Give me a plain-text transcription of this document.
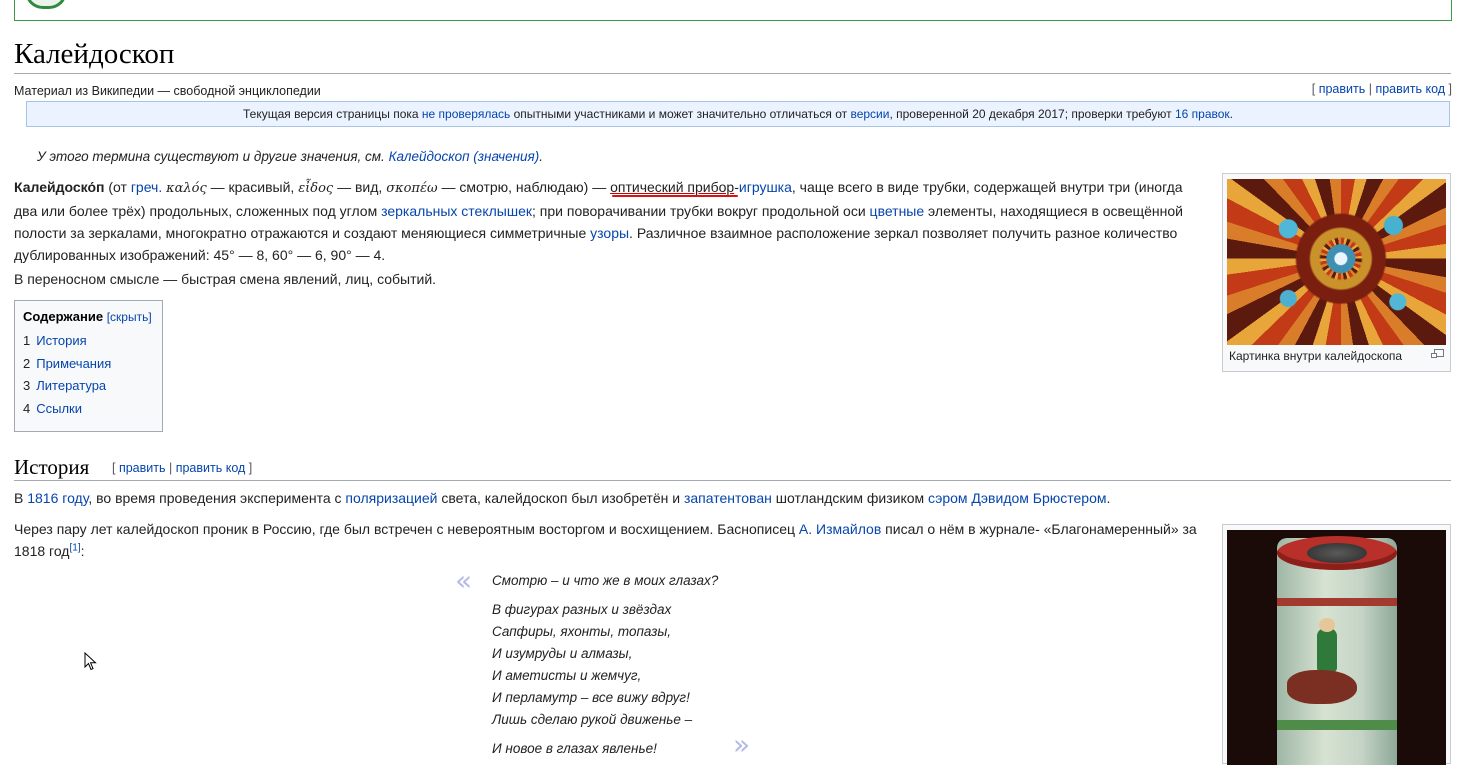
Калейдоскоп
Материал из Википедии — свободной энциклопедии	[ править | править код ]
Текущая версия страницы пока не проверялась опытными участниками и может значительно отличаться от версии, проверенной 20 декабря 2017; проверки требуют 16 правок.
У этого термина существуют и другие значения, см. Калейдоскоп (значения).
Калейдоско́п (от греч. καλός — красивый, εἶδος — вид, σκοπέω — смотрю, наблюдаю) — оптический прибор-игрушка, чаще всего в виде трубки, содержащей внутри три (иногда два или более трёх) продольных, сложенных под углом зеркальных стеклышек; при поворачивании трубки вокруг продольной оси цветные элементы, находящиеся в освещённой полости за зеркалами, многократно отражаются и создают меняющиеся симметричные узоры. Различное взаимное расположение зеркал позволяет получить разное количество дублированных изображений: 45° — 8, 60° — 6, 90° — 4.
В переносном смысле — быстрая смена явлений, лиц, событий.
Содержание [скрыть]
1 История
2 Примечания
3 Литература
4 Ссылки
Картинка внутри калейдоскопа
История [ править | править код ]
В 1816 году, во время проведения эксперимента с поляризацией света, калейдоскоп был изобретён и запатентован шотландским физиком сэром Дэвидом Брюстером.
Через пару лет калейдоскоп проник в Россию, где был встречен с невероятным восторгом и восхищением. Баснописец А. Измайлов писал о нём в журнале- «Благонамеренный» за 1818 год[1]:
« Смотрю – и что же в моих глазах?
В фигурах разных и звёздах
Сапфиры, яхонты, топазы,
И изумруды и алмазы,
И аметисты и жемчуг,
И перламутр – все вижу вдруг!
Лишь сделаю рукой движенье –
И новое в глазах явленье!	»
